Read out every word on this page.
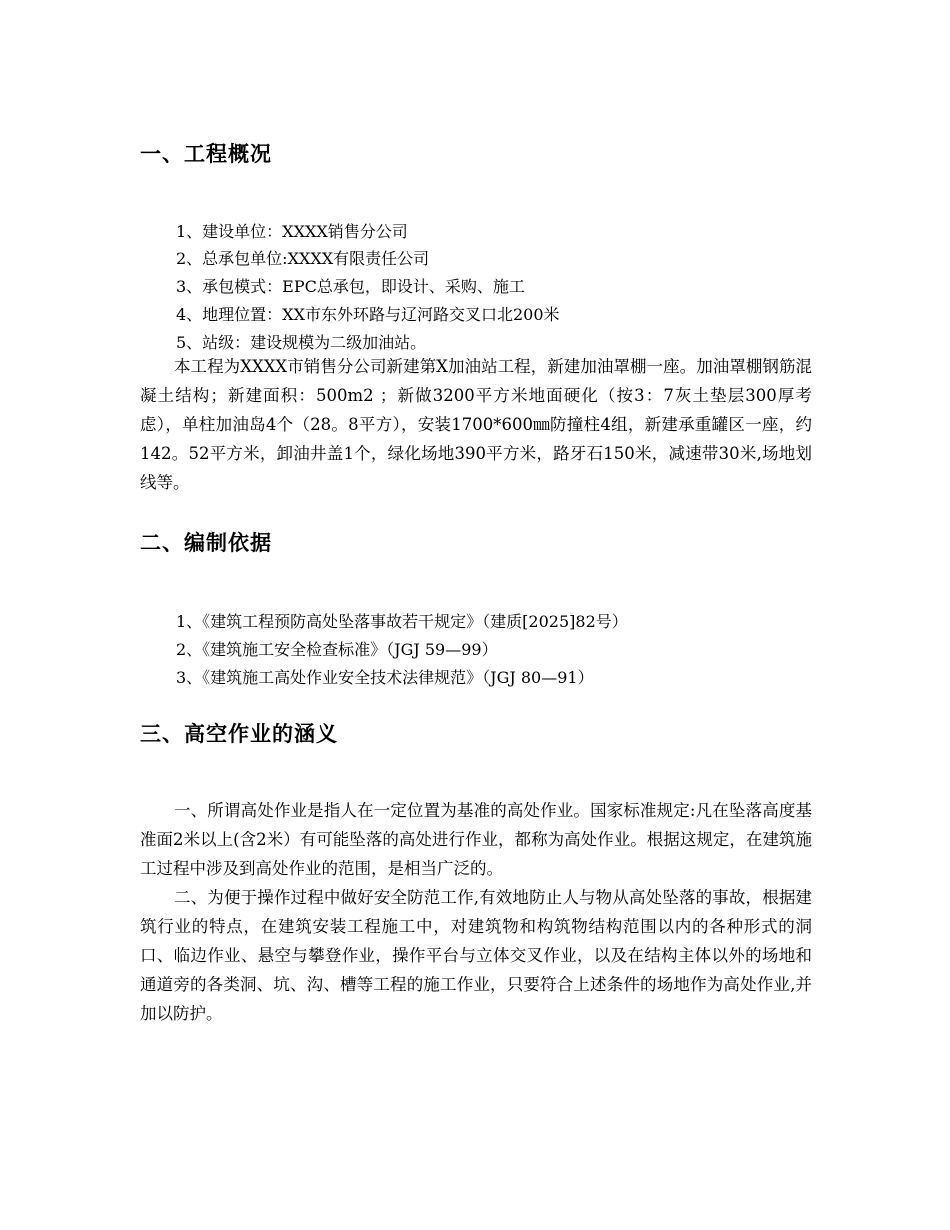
一、工程概况
1、建设单位：XXXX销售分公司
2、总承包单位:XXXX有限责任公司
3、承包模式：EPC总承包，即设计、采购、施工
4、地理位置：XX市东外环路与辽河路交叉口北200米
5、站级：建设规模为二级加油站。

本工程为XXXX市销售分公司新建第X加油站工程，新建加油罩棚一座。加油罩棚钢筋混凝土结构；新建面积：500m2 ；新做3200平方米地面硬化（按3：7灰土垫层300厚考虑），单柱加油岛4个（28。8平方），安装1700*600㎜防撞柱4组，新建承重罐区一座，约142。52平方米，卸油井盖1个，绿化场地390平方米，路牙石150米，减速带30米,场地划线等。

二、编制依据
1、《建筑工程预防高处坠落事故若干规定》（建质[2025]82号）
2、《建筑施工安全检查标准》（JGJ 59—99）
3、《建筑施工高处作业安全技术法律规范》（JGJ 80—91）
三、高空作业的涵义

一、所谓高处作业是指人在一定位置为基准的高处作业。国家标准规定:凡在坠落高度基准面2米以上(含2米）有可能坠落的高处进行作业，都称为高处作业。根据这规定，在建筑施工过程中涉及到高处作业的范围，是相当广泛的。

二、为便于操作过程中做好安全防范工作,有效地防止人与物从高处坠落的事故，根据建筑行业的特点，在建筑安装工程施工中，对建筑物和构筑物结构范围以内的各种形式的洞口、临边作业、悬空与攀登作业，操作平台与立体交叉作业，以及在结构主体以外的场地和通道旁的各类洞、坑、沟、槽等工程的施工作业，只要符合上述条件的场地作为高处作业,并加以防护。
